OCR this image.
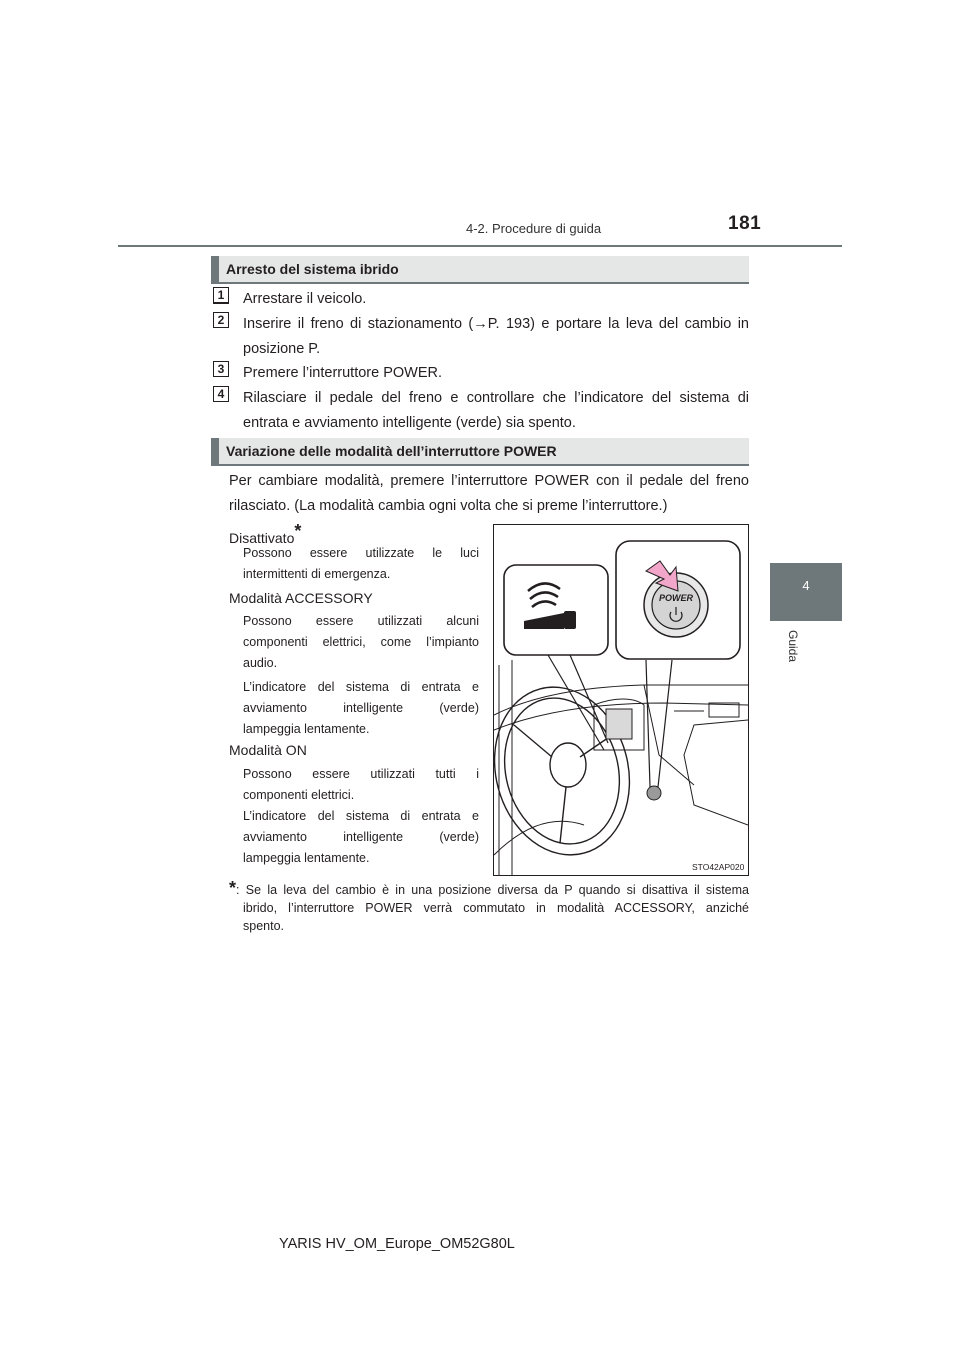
4-2. Procedure di guida	181
4
Guida
Arresto del sistema ibrido
1	Arrestare il veicolo.
2	Inserire il freno di stazionamento (→P. 193) e portare la leva del cambio in
posizione P.
3	Premere l’interruttore POWER.
4	Rilasciare il pedale del freno e controllare che l’indicatore del sistema di
entrata e avviamento intelligente (verde) sia spento.
Variazione delle modalità dell’interruttore POWER
Per cambiare modalità, premere l’interruttore POWER con il pedale del freno
rilasciato. (La modalità cambia ogni volta che si preme l’interruttore.)
Disattivato*
Possono essere utilizzate le luci
intermittenti di emergenza.
Modalità ACCESSORY
Possono essere utilizzati alcuni
componenti elettrici, come l’impianto
audio.
L’indicatore del sistema di entrata e
avviamento intelligente (verde)
lampeggia lentamente.
Modalità ON
Possono essere utilizzati tutti i
componenti elettrici.
L’indicatore del sistema di entrata e
avviamento intelligente (verde)
lampeggia lentamente.
POWER
STO42AP020
*: Se la leva del cambio è in una posizione diversa da P quando si disattiva il sistema
ibrido, l’interruttore POWER verrà commutato in modalità ACCESSORY, anziché
spento.
YARIS HV_OM_Europe_OM52G80L
